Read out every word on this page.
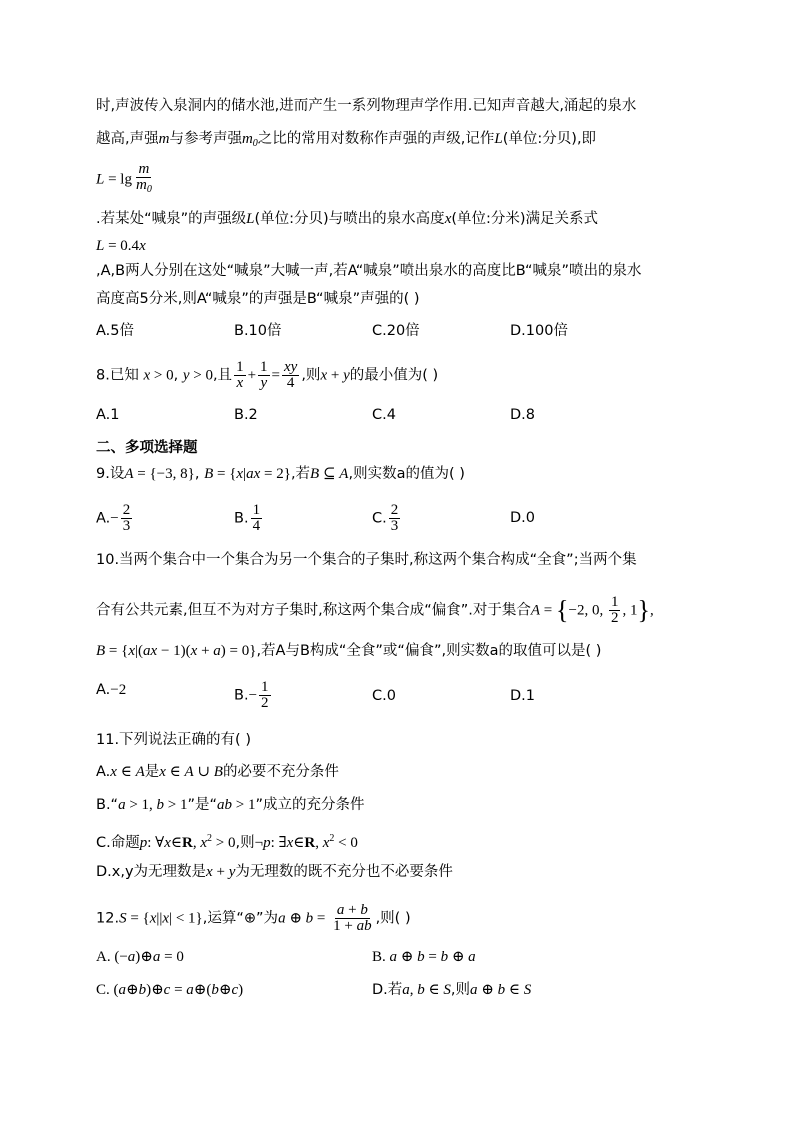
时,声波传入泉洞内的储水池,进而产生一系列物理声学作用.已知声音越大,涌起的泉水
越高,声强m与参考声强$m_0$之比的常用对数称作声强的声级,记作L(单位:分贝),即
$L = \lg \frac{m}{m_0}$
.若某处“喊泉”的声强级L(单位:分贝)与喷出的泉水高度x(单位:分米)满足关系式
L = 0.4x
,A,B两人分别在这处“喊泉”大喊一声,若A“喊泉”喷出泉水的高度比B“喊泉”喷出的泉水
高度高5分米,则A“喊泉”的声强是B“喊泉”声强的( )
A.5倍	B.10倍	C.20倍	D.100倍
8.已知 x > 0, y > 0,且 $\frac{1}{x} + \frac{1}{y} = \frac{xy}{4}$ ,则x + y的最小值为( )
A.1	B.2	C.4	D.8
二、多项选择题
9.设A = {−3, 8}, B = {x|ax = 2},若B ⊆ A,则实数a的值为( )
$A.- \frac{2}{3}$	B. $\frac{1}{4}$	C. $\frac{2}{3}$	D.0
10.当两个集合中一个集合为另一个集合的子集时,称这两个集合构成“全食”;当两个集
合有公共元素,但互不为对方子集时,称这两个集合成“偏食”.对于集合A = {−2, 0, $\frac{1}{2}$ , 1},
B = {x|(ax − 1)(x + a) = 0},若A与B构成“全食”或“偏食”,则实数a的取值可以是( )
A.−2	$B.- \frac{1}{2}$	C.0	D.1
11.下列说法正确的有( )
A.x ∈ A是x ∈ A ∪ B的必要不充分条件
B.“a > 1, b > 1”是“ab > 1”成立的充分条件
C.命题p: ∀x∈R, $x^2 > 0$,则¬p: ∃x∈R, $x^2 < 0$
D.x,y为无理数是x + y为无理数的既不充分也不必要条件
12.S = {x||x| < 1},运算“⊕”为a ⊕ $b = \frac{a + b}{1 + ab}$ ,则( )
A. (−a)⊕a = 0	B. a ⊕ b = b ⊕ a
C. (a⊕b)⊕c = a⊕(b⊕c)	D.若a, b ∈ S,则a ⊕ b ∈ S
